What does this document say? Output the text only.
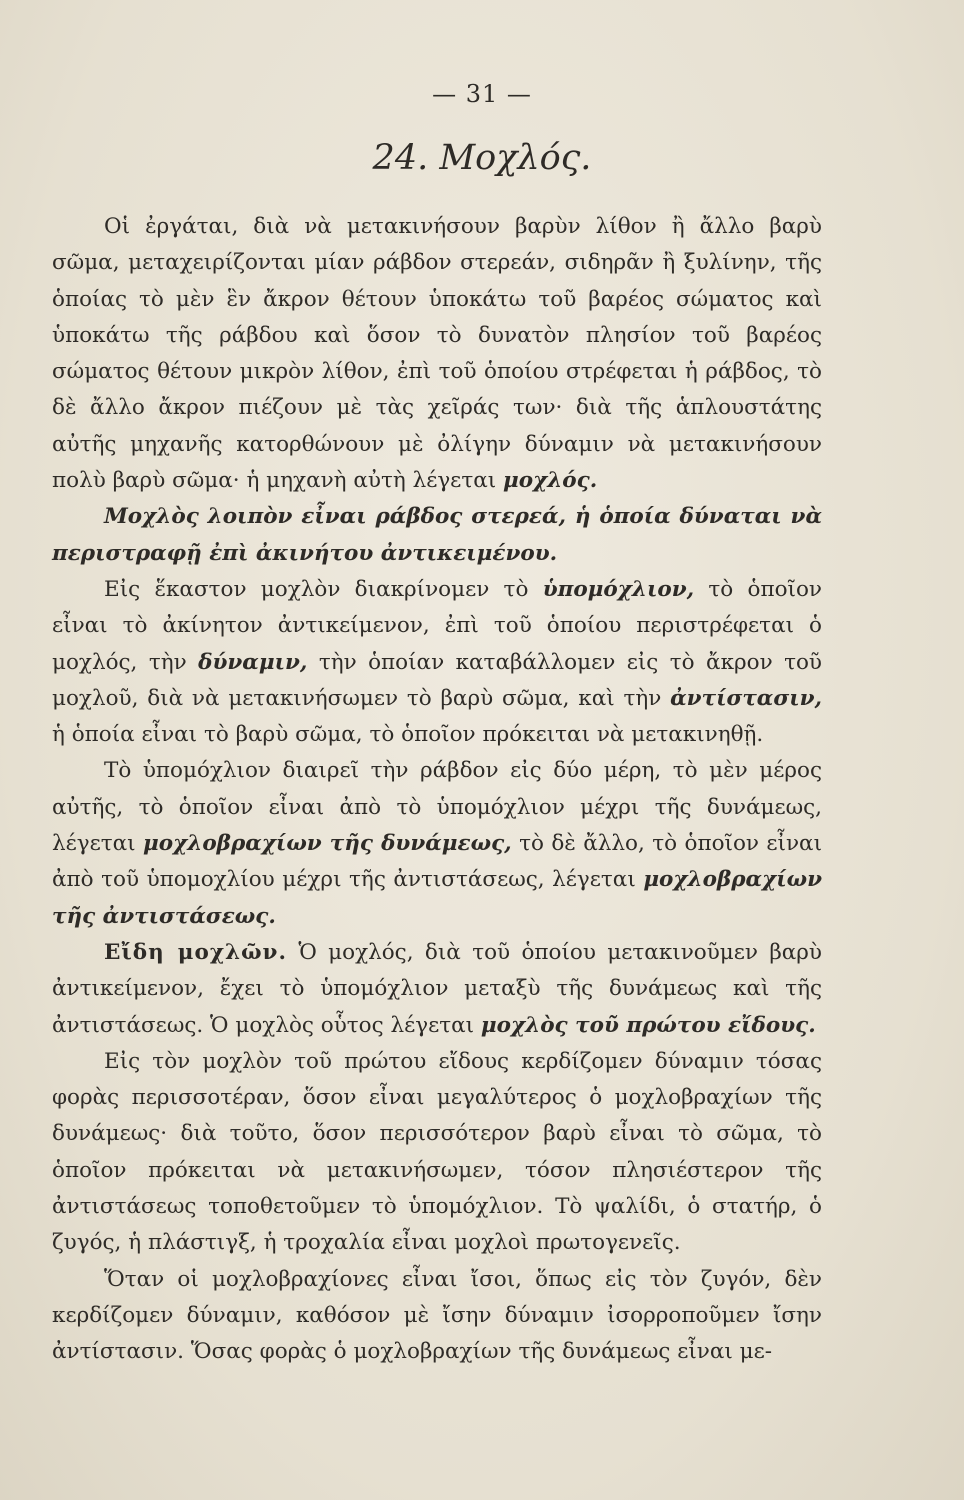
— 31 —
24. Μοχλός.

Οἱ ἐργάται, διὰ νὰ μετακινήσουν βαρὺν λίθον ἢ ἄλλο βαρὺ σῶμα, μεταχειρίζονται μίαν ράβδον στερεάν, σιδηρᾶν ἢ ξυλίνην, τῆς ὁποίας τὸ μὲν ἓν ἄκρον θέτουν ὑποκάτω τοῦ βαρέος σώματος καὶ ὑποκάτω τῆς ράβδου καὶ ὅσον τὸ δυνατὸν πλησίον τοῦ βαρέος σώματος θέτουν μικρὸν λίθον, ἐπὶ τοῦ ὁποίου στρέφεται ἡ ράβδος, τὸ δὲ ἄλλο ἄκρον πιέζουν μὲ τὰς χεῖράς των· διὰ τῆς ἁπλουστάτης αὐτῆς μηχανῆς κατορθώνουν μὲ ὀλίγην δύναμιν νὰ μετακινήσουν πολὺ βαρὺ σῶμα· ἡ μηχανὴ αὐτὴ λέγεται μοχλός.

Μοχλὸς λοιπὸν εἶναι ράβδος στερεά, ἡ ὁποία δύναται νὰ περιστραφῇ ἐπὶ ἀκινήτου ἀντικειμένου.

Εἰς ἕκαστον μοχλὸν διακρίνομεν τὸ ὑπομόχλιον, τὸ ὁποῖον εἶναι τὸ ἀκίνητον ἀντικείμενον, ἐπὶ τοῦ ὁποίου περιστρέφεται ὁ μοχλός, τὴν δύναμιν, τὴν ὁποίαν καταβάλλομεν εἰς τὸ ἄκρον τοῦ μοχλοῦ, διὰ νὰ μετακινήσωμεν τὸ βαρὺ σῶμα, καὶ τὴν ἀντίστασιν, ἡ ὁποία εἶναι τὸ βαρὺ σῶμα, τὸ ὁποῖον πρόκειται νὰ μετακινηθῇ.

Τὸ ὑπομόχλιον διαιρεῖ τὴν ράβδον εἰς δύο μέρη, τὸ μὲν μέρος αὐτῆς, τὸ ὁποῖον εἶναι ἀπὸ τὸ ὑπομόχλιον μέχρι τῆς δυνάμεως, λέγεται μοχλοβραχίων τῆς δυνάμεως, τὸ δὲ ἄλλο, τὸ ὁποῖον εἶναι ἀπὸ τοῦ ὑπομοχλίου μέχρι τῆς ἀντιστάσεως, λέγεται μοχλοβραχίων τῆς ἀντιστάσεως.

Εἴδη μοχλῶν. Ὁ μοχλός, διὰ τοῦ ὁποίου μετακινοῦμεν βαρὺ ἀντικείμενον, ἔχει τὸ ὑπομόχλιον μεταξὺ τῆς δυνάμεως καὶ τῆς ἀντιστάσεως. Ὁ μοχλὸς οὗτος λέγεται μοχλὸς τοῦ πρώτου εἴδους.

Εἰς τὸν μοχλὸν τοῦ πρώτου εἴδους κερδίζομεν δύναμιν τόσας φορὰς περισσοτέραν, ὅσον εἶναι μεγαλύτερος ὁ μοχλοβραχίων τῆς δυνάμεως· διὰ τοῦτο, ὅσον περισσότερον βαρὺ εἶναι τὸ σῶμα, τὸ ὁποῖον πρόκειται νὰ μετακινήσωμεν, τόσον πλησιέστερον τῆς ἀντιστάσεως τοποθετοῦμεν τὸ ὑπομόχλιον. Τὸ ψαλίδι, ὁ στατήρ, ὁ ζυγός, ἡ πλάστιγξ, ἡ τροχαλία εἶναι μοχλοὶ πρωτογενεῖς.

Ὅταν οἱ μοχλοβραχίονες εἶναι ἴσοι, ὅπως εἰς τὸν ζυγόν, δὲν κερδίζομεν δύναμιν, καθόσον μὲ ἴσην δύναμιν ἰσορροποῦμεν ἴσην ἀντίστασιν. Ὅσας φορὰς ὁ μοχλοβραχίων τῆς δυνάμεως εἶναι με-
